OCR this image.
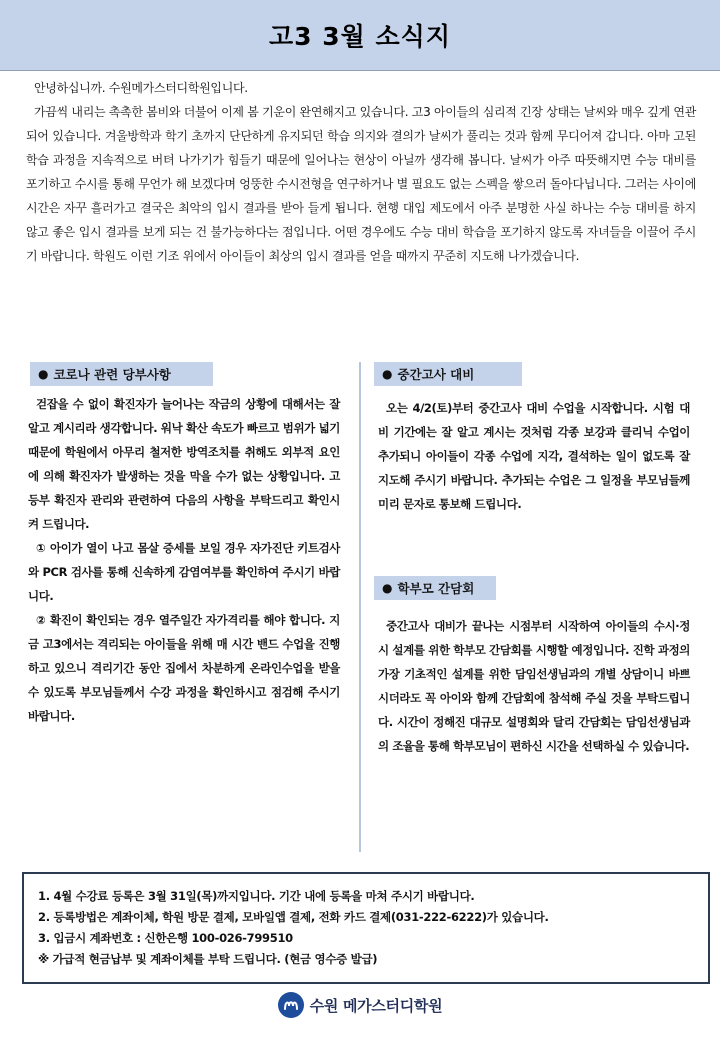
고3 3월 소식지

안녕하십니까. 수원메가스터디학원입니다.

가끔씩 내리는 촉촉한 봄비와 더불어 이제 봄 기운이 완연해지고 있습니다. 고3 아이들의 심리적 긴장 상태는 날씨와 매우 깊게 연관되어 있습니다. 겨울방학과 학기 초까지 단단하게 유지되던 학습 의지와 결의가 날씨가 풀리는 것과 함께 무디어져 갑니다. 아마 고된 학습 과정을 지속적으로 버텨 나가기가 힘들기 때문에 일어나는 현상이 아닐까 생각해 봅니다. 날씨가 아주 따뜻해지면 수능 대비를 포기하고 수시를 통해 무언가 해 보겠다며 엉뚱한 수시전형을 연구하거나 별 필요도 없는 스펙을 쌓으러 돌아다닙니다. 그러는 사이에 시간은 자꾸 흘러가고 결국은 최악의 입시 결과를 받아 들게 됩니다. 현행 대입 제도에서 아주 분명한 사실 하나는 수능 대비를 하지 않고 좋은 입시 결과를 보게 되는 건 불가능하다는 점입니다. 어떤 경우에도 수능 대비 학습을 포기하지 않도록 자녀들을 이끌어 주시기 바랍니다. 학원도 이런 기조 위에서 아이들이 최상의 입시 결과를 얻을 때까지 꾸준히 지도해 나가겠습니다.

● 코로나 관련 당부사항

걷잡을 수 없이 확진자가 늘어나는 작금의 상황에 대해서는 잘 알고 계시리라 생각합니다. 워낙 확산 속도가 빠르고 범위가 넓기 때문에 학원에서 아무리 철저한 방역조치를 취해도 외부적 요인에 의해 확진자가 발생하는 것을 막을 수가 없는 상황입니다. 고등부 확진자 관리와 관련하여 다음의 사항을 부탁드리고 확인시켜 드립니다.

① 아이가 열이 나고 몸살 증세를 보일 경우 자가진단 키트검사와 PCR 검사를 통해 신속하게 감염여부를 확인하여 주시기 바랍니다.

② 확진이 확인되는 경우 열주일간 자가격리를 해야 합니다. 지금 고3에서는 격리되는 아이들을 위해 매 시간 밴드 수업을 진행하고 있으니 격리기간 동안 집에서 차분하게 온라인수업을 받을 수 있도록 부모님들께서 수강 과정을 확인하시고 점검해 주시기 바랍니다.

● 중간고사 대비

오는 4/2(토)부터 중간고사 대비 수업을 시작합니다. 시험 대비 기간에는 잘 알고 계시는 것처럼 각종 보강과 클리닉 수업이 추가되니 아이들이 각종 수업에 지각, 결석하는 일이 없도록 잘 지도해 주시기 바랍니다. 추가되는 수업은 그 일정을 부모님들께 미리 문자로 통보해 드립니다.

● 학부모 간담회

중간고사 대비가 끝나는 시점부터 시작하여 아이들의 수시·정시 설계를 위한 학부모 간담회를 시행할 예정입니다. 진학 과정의 가장 기초적인 설계를 위한 담임선생님과의 개별 상담이니 바쁘시더라도 꼭 아이와 함께 간담회에 참석해 주실 것을 부탁드립니다. 시간이 정해진 대규모 설명회와 달리 간담회는 담임선생님과의 조율을 통해 학부모님이 편하신 시간을 선택하실 수 있습니다.

1. 4월 수강료 등록은 3월 31일(목)까지입니다. 기간 내에 등록을 마쳐 주시기 바랍니다.
2. 등록방법은 계좌이체, 학원 방문 결제, 모바일앱 결제, 전화 카드 결제(031-222-6222)가 있습니다.
3. 입금시 계좌번호 : 신한은행 100-026-799510
※ 가급적 현금납부 및 계좌이체를 부탁 드립니다. (현금 영수증 발급)
수원 메가스터디학원
